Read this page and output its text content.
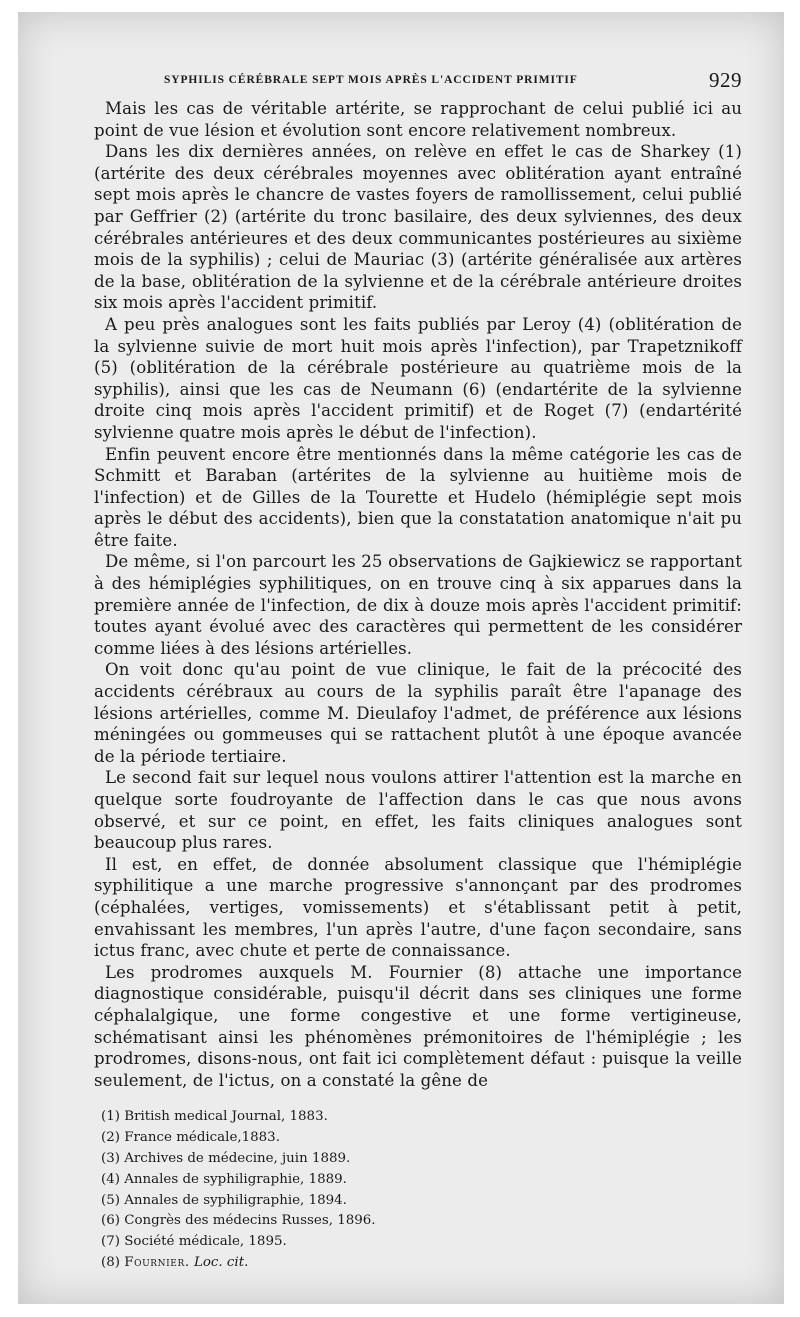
SYPHILIS CÉRÉBRALE SEPT MOIS APRÈS L'ACCIDENT PRIMITIF	929

Mais les cas de véritable artérite, se rapprochant de celui publié ici au point de vue lésion et évolution sont encore relativement nombreux.

Dans les dix dernières années, on relève en effet le cas de Sharkey (1) (artérite des deux cérébrales moyennes avec oblitération ayant entraîné sept mois après le chancre de vastes foyers de ramollissement, celui publié par Geffrier (2) (artérite du tronc basilaire, des deux sylviennes, des deux cérébrales antérieures et des deux communicantes postérieures au sixième mois de la syphilis) ; celui de Mauriac (3) (artérite généralisée aux artères de la base, oblitération de la sylvienne et de la cérébrale antérieure droites six mois après l'accident primitif.

A peu près analogues sont les faits publiés par Leroy (4) (oblitération de la sylvienne suivie de mort huit mois après l'infection), par Trapetznikoff (5) (oblitération de la cérébrale postérieure au quatrième mois de la syphilis), ainsi que les cas de Neumann (6) (endartérite de la sylvienne droite cinq mois après l'accident primitif) et de Roget (7) (endartérité sylvienne quatre mois après le début de l'infection).

Enfin peuvent encore être mentionnés dans la même catégorie les cas de Schmitt et Baraban (artérites de la sylvienne au huitième mois de l'infection) et de Gilles de la Tourette et Hudelo (hémiplégie sept mois après le début des accidents), bien que la constatation anatomique n'ait pu être faite.

De même, si l'on parcourt les 25 observations de Gajkiewicz se rapportant à des hémiplégies syphilitiques, on en trouve cinq à six apparues dans la première année de l'infection, de dix à douze mois après l'accident primitif: toutes ayant évolué avec des caractères qui permettent de les considérer comme liées à des lésions artérielles.

On voit donc qu'au point de vue clinique, le fait de la précocité des accidents cérébraux au cours de la syphilis paraît être l'apanage des lésions artérielles, comme M. Dieulafoy l'admet, de préférence aux lésions méningées ou gommeuses qui se rattachent plutôt à une époque avancée de la période tertiaire.

Le second fait sur lequel nous voulons attirer l'attention est la marche en quelque sorte foudroyante de l'affection dans le cas que nous avons observé, et sur ce point, en effet, les faits cliniques analogues sont beaucoup plus rares.

Il est, en effet, de donnée absolument classique que l'hémiplégie syphilitique a une marche progressive s'annonçant par des prodromes (céphalées, vertiges, vomissements) et s'établissant petit à petit, envahissant les membres, l'un après l'autre, d'une façon secondaire, sans ictus franc, avec chute et perte de connaissance.

Les prodromes auxquels M. Fournier (8) attache une importance diagnostique considérable, puisqu'il décrit dans ses cliniques une forme céphalalgique, une forme congestive et une forme vertigineuse, schématisant ainsi les phénomènes prémonitoires de l'hémiplégie ; les prodromes, disons-nous, ont fait ici complètement défaut : puisque la veille seulement, de l'ictus, on a constaté la gêne de

(1) British medical Journal, 1883.
(2) France médicale,1883.
(3) Archives de médecine, juin 1889.
(4) Annales de syphiligraphie, 1889.
(5) Annales de syphiligraphie, 1894.
(6) Congrès des médecins Russes, 1896.
(7) Société médicale, 1895.
(8) Fournier. Loc. cit.
